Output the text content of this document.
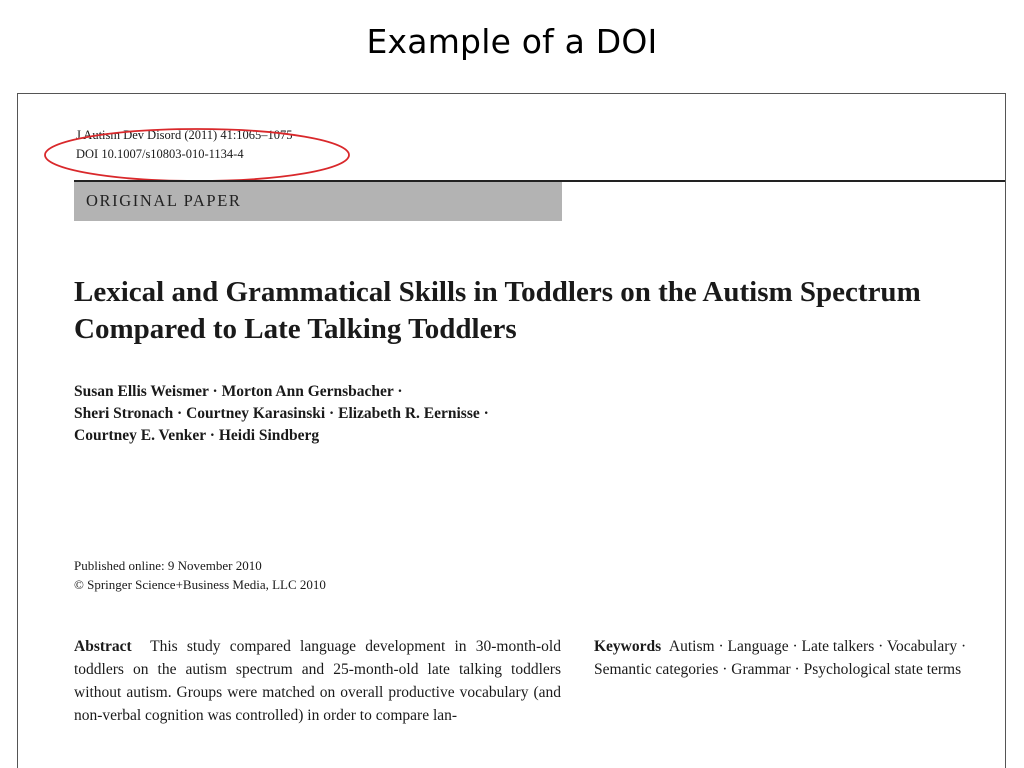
Example of a DOI
J Autism Dev Disord (2011) 41:1065–1075
DOI 10.1007/s10803-010-1134-4
ORIGINAL PAPER
Lexical and Grammatical Skills in Toddlers on the Autism Spectrum Compared to Late Talking Toddlers
Susan Ellis Weismer · Morton Ann Gernsbacher ·
Sheri Stronach · Courtney Karasinski · Elizabeth R. Eernisse ·
Courtney E. Venker · Heidi Sindberg
Published online: 9 November 2010
© Springer Science+Business Media, LLC 2010
Abstract This study compared language development in 30-month-old toddlers on the autism spectrum and 25-month-old late talking toddlers without autism. Groups were matched on overall productive vocabulary (and non-verbal cognition was controlled) in order to compare lan-
Keywords Autism · Language · Late talkers · Vocabulary · Semantic categories · Grammar · Psychological state terms
